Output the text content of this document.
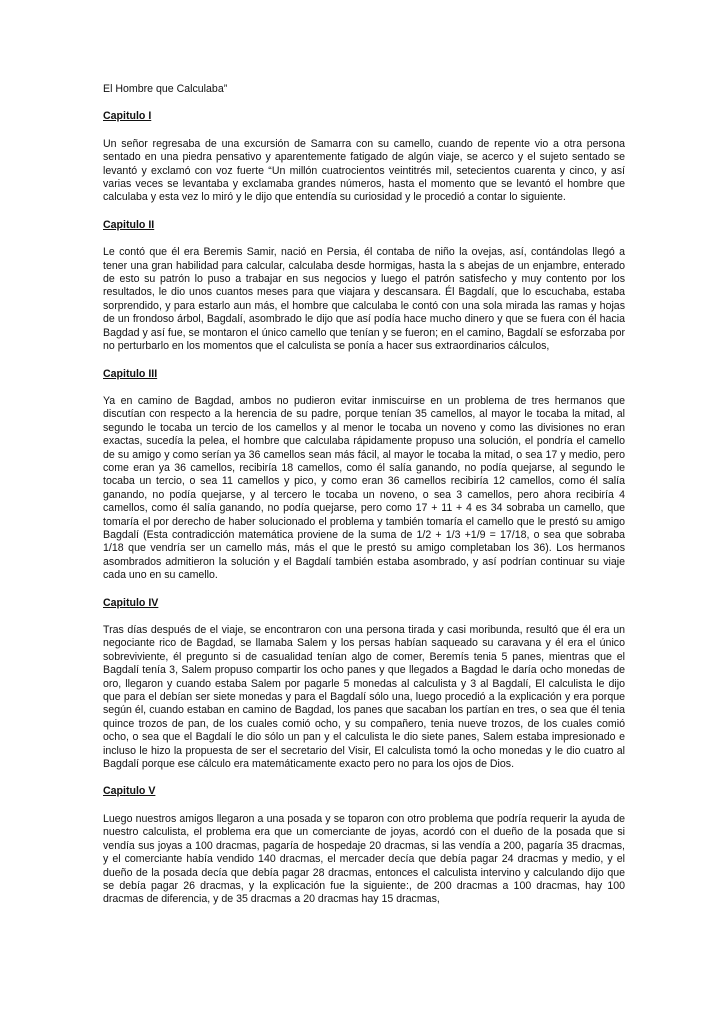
El Hombre que Calculaba”
Capitulo I

Un señor regresaba de una excursión de Samarra con su camello, cuando de repente vio a otra persona sentado en una piedra pensativo y aparentemente fatigado de algún viaje, se acerco y el sujeto sentado se levantó y exclamó con voz fuerte “Un millón cuatrocientos veintitrés mil, setecientos cuarenta y cinco, y así varias veces se levantaba y exclamaba grandes números, hasta el momento que se levantó el hombre que calculaba y esta vez lo miró y le dijo que entendía su curiosidad y le procedió a contar lo siguiente.

Capitulo II

Le contó que él era Beremis Samir, nació en Persia, él contaba de niño la ovejas, así, contándolas llegó a tener una gran habilidad para calcular, calculaba desde hormigas, hasta la s abejas de un enjambre, enterado de esto su patrón lo puso a trabajar en sus negocios y luego el patrón satisfecho y muy contento por los resultados, le dio unos cuantos meses para que viajara y descansara. Él Bagdalí, que lo escuchaba, estaba sorprendido, y para estarlo aun más, el hombre que calculaba le contó con una sola mirada las ramas y hojas de un frondoso árbol, Bagdalí, asombrado le dijo que así podía hace mucho dinero y que se fuera con él hacia Bagdad y así fue, se montaron el único camello que tenían y se fueron; en el camino, Bagdalí se esforzaba por no perturbarlo en los momentos que el calculista se ponía a hacer sus extraordinarios cálculos,

Capitulo III

Ya en camino de Bagdad, ambos no pudieron evitar inmiscuirse en un problema de tres hermanos que discutían con respecto a la herencia de su padre, porque tenían 35 camellos, al mayor le tocaba la mitad, al segundo le tocaba un tercio de los camellos y al menor le tocaba un noveno y como las divisiones no eran exactas, sucedía la pelea, el hombre que calculaba rápidamente propuso una solución, el pondría el camello de su amigo y como serían ya 36 camellos sean más fácil, al mayor le tocaba la mitad, o sea 17 y medio, pero come eran ya 36 camellos, recibiría 18 camellos, como él salía ganando, no podía quejarse, al segundo le tocaba un tercio, o sea 11 camellos y pico, y como eran 36 camellos recibiría 12 camellos, como él salía ganando, no podía quejarse, y al tercero le tocaba un noveno, o sea 3 camellos, pero ahora recibiría 4 camellos, como él salía ganando, no podía quejarse, pero como 17 + 11 + 4 es 34 sobraba un camello, que tomaría el por derecho de haber solucionado el problema y también tomaría el camello que le prestó su amigo Bagdalí (Esta contradicción matemática proviene de la suma de 1/2 + 1/3 +1/9 = 17/18, o sea que sobraba 1/18 que vendría ser un camello más, más el que le prestó su amigo completaban los 36). Los hermanos asombrados admitieron la solución y el Bagdalí también estaba asombrado, y así podrían continuar su viaje cada uno en su camello.

Capitulo IV

Tras días después de el viaje, se encontraron con una persona tirada y casi moribunda, resultó que él era un negociante rico de Bagdad, se llamaba Salem y los persas habían saqueado su caravana y él era el único sobreviviente, él pregunto si de casualidad tenían algo de comer, Beremís tenia 5 panes, mientras que el Bagdalí tenía 3, Salem propuso compartir los ocho panes y que llegados a Bagdad le daría ocho monedas de oro, llegaron y cuando estaba Salem por pagarle 5 monedas al calculista y 3 al Bagdalí, El calculista le dijo que para el debían ser siete monedas y para el Bagdalí sólo una, luego procedió a la explicación y era porque según él, cuando estaban en camino de Bagdad, los panes que sacaban los partían en tres, o sea que él tenia quince trozos de pan, de los cuales comió ocho, y su compañero, tenia nueve trozos, de los cuales comió ocho, o sea que el Bagdalí le dio sólo un pan y el calculista le dio siete panes, Salem estaba impresionado e incluso le hizo la propuesta de ser el secretario del Visir, El calculista tomó la ocho monedas y le dio cuatro al Bagdalí porque ese cálculo era matemáticamente exacto pero no para los ojos de Dios.

Capitulo V

Luego nuestros amigos llegaron a una posada y se toparon con otro problema que podría requerir la ayuda de nuestro calculista, el problema era que un comerciante de joyas, acordó con el dueño de la posada que si vendía sus joyas a 100 dracmas, pagaría de hospedaje 20 dracmas, si las vendía a 200, pagaría 35 dracmas, y el comerciante había vendido 140 dracmas, el mercader decía que debía pagar 24 dracmas y medio, y el dueño de la posada decía que debía pagar 28 dracmas, entonces el calculista intervino y calculando dijo que se debía pagar 26 dracmas, y la explicación fue la siguiente:, de 200 dracmas a 100 dracmas, hay 100 dracmas de diferencia, y de 35 dracmas a 20 dracmas hay 15 dracmas,
